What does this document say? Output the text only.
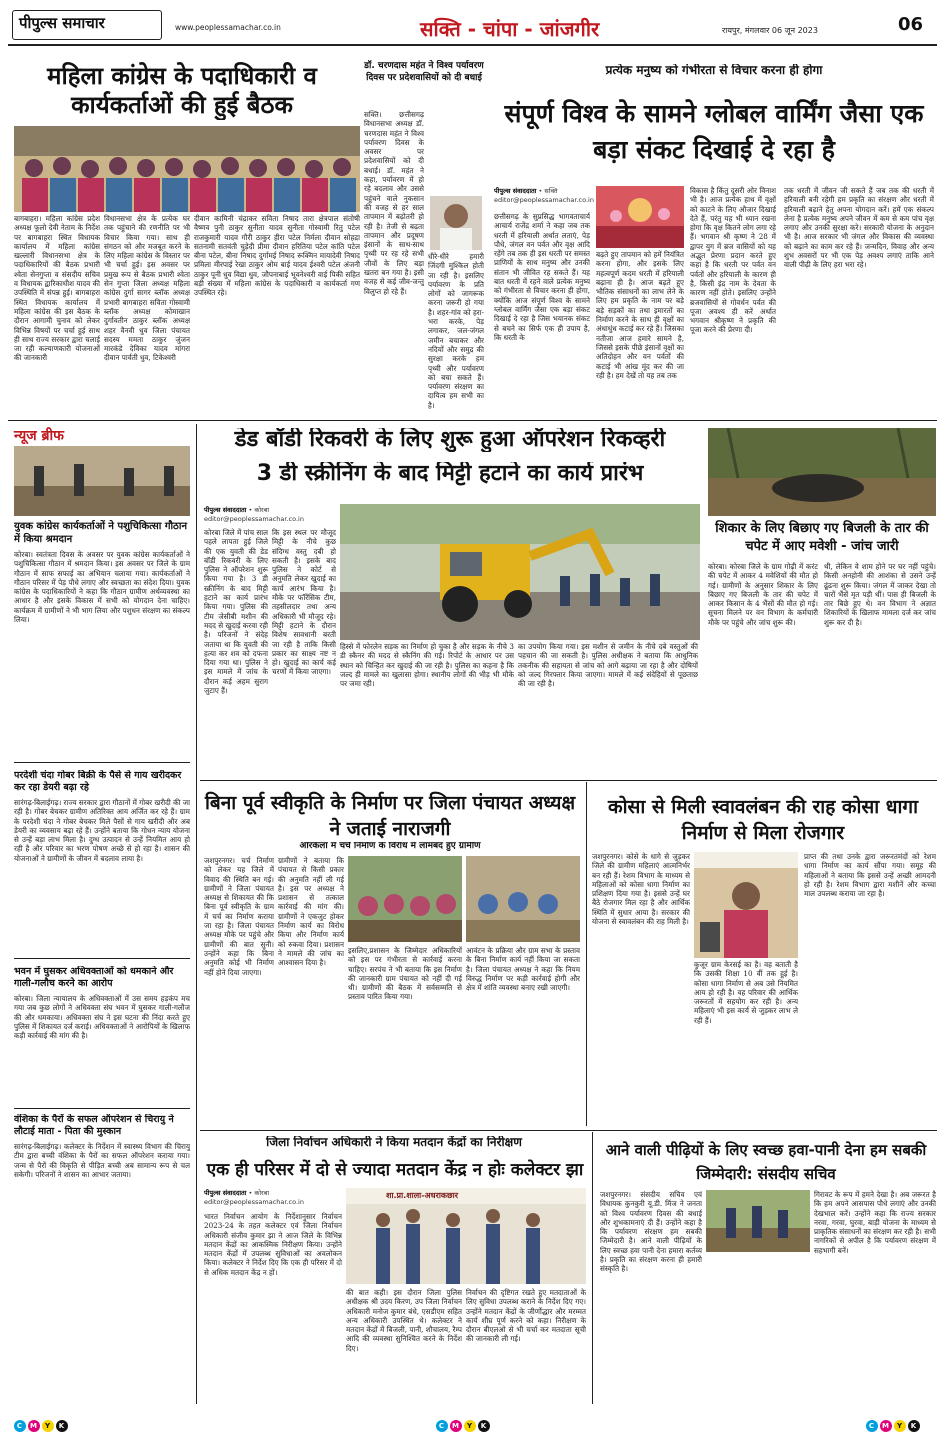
पीपुल्स समाचार	www.peoplessamachar.co.in	सक्ति - चांपा - जांजगीर	रायपुर, मंगलवार 06 जून 2023	06
महिला कांग्रेस के पदाधिकारी व कार्यकर्ताओं की हुई बैठक
बागबाहरा। महिला कांग्रेस प्रदेश अध्यक्ष फूलो देवी नेताम के निर्देश पर बागबाहरा स्थित विधायक कार्यालय में महिला कांग्रेस खल्लारी विधानसभा क्षेत्र के पदाधिकारियों की बैठक प्रभारी श्वेता सेनगुप्ता व संसदीय सचिव व विधायक द्वारिकाधीश यादव की उपस्थिति में संपन्न हुई। बागबाहरा स्थित विधायक कार्यालय में महिला कांग्रेस की इस बैठक के दौरान आगामी चुनाव को लेकर विभिन्न विषयों पर चर्चा हुई साथ ही साथ राज्य सरकार द्वारा चलाई जा रही कल्याणकारी योजनाओं की जानकारी
विधानसभा क्षेत्र के प्रत्येक घर तक पहुंचाने की रणनीति पर भी विचार किया गया। साथ ही संगठन को और मजबूत करने के लिए महिला कांग्रेस के विस्तार पर भी चर्चा हुई। इस अवसर पर प्रमुख रूप से बैठक प्रभारी श्वेता सेन गुप्ता जिला अध्यक्ष महिला कांग्रेस दुर्गा सागर ब्लॉक अध्यक्ष प्रभारी बागबाहरा सविता गोस्वामी ब्लॉक अध्यक्ष कोमाखान दुर्गावतीन ठाकुर ब्लॉक अध्यक्ष शहर वैनवी धुव जिला पंचायत सदस्य ममता ठाकुर जुंजन मारकंडे देविका यादव मांगरा दीवान पार्वती धुव, टिकेश्वरी
दीवान कामिनी चंद्राकर सविता निषाद तारा क्षेत्रपाल संतोषी वैष्णव पुनी ठाकुर सुनीता यादव सुनीता गोस्वामी रितु पटेल राजकुमारी यादव गौरी ठाकुर हीरा पटेल निर्मला दीवान सोहद्रा सतनामी सतवंती चुड़ेदी प्रीमा दीवान हरितिया पटेल कांति पटेल बीना पटेल, बीना निषाद दुर्गामई निषाद रूक्मिन मायादेवी निषाद प्रमिला मीरपाई रेखा ठाकुर ओम बाई यादव ईश्वरी पटेल अंजनी ठाकुर पूनी धुव विद्या धुव, जौपनाबाई भूवनेश्वरी वाई पिकी सहित बड़ी संख्या में महिला कांग्रेस के पदाधिकारी व कार्यकर्ता गण उपस्थित रहे।
डॉ. चरणदास महंत ने विश्व पर्यावरण दिवस पर प्रदेशवासियों को दी बधाई
सक्ति। छत्तीसगढ़ विधानसभा अध्यक्ष डॉ. चरणदास महंत ने विश्व पर्यावरण दिवस के अवसर पर प्रदेशवासियों को दी बधाई। डॉ. महंत ने कहा, पर्यावरण में हो रहे बदलाव और उससे पहुंचने वाले नुकसान की वजह से हर साल तापमान में बढ़ोतरी हो रही है। तेजी से बढ़ता तापमान और प्रदूषण इंसानों के साथ-साथ पृथ्वी पर रह रहे सभी जीवों के लिए बड़ा खतरा बन गया है। इसी वजह से कई जीव-जन्तु विलुप्त हो रहे हैं।
धीरे-धीरे हमारी जिंदगी मुश्किल होती जा रही है। इसलिए पर्यावरण के प्रति लोगों को जागरूक करना जरूरी हो गया है। शहर-गांव को हरा-भरा करके, पेड़ लगाकर, जल-जंगल जमीन बचाकर और नदियों और समुद्र की सुरक्षा करके हम पृथ्वी और पर्यावरण को बचा सकते हैं। पर्यावरण संरक्षण का दायित्व हम सभी का है।
प्रत्येक मनुष्य को गंभीरता से विचार करना ही होगा
संपूर्ण विश्व के सामने ग्लोबल वार्मिंग जैसा एक बड़ा संकट दिखाई दे रहा है
पीपुल्स संवाददाता • सक्ति
editor@peoplessamachar.co.in
छत्तीसगढ़ के सुप्रसिद्ध भागवताचार्य आचार्य राजेंद्र शर्मा ने कहा जब तक धरती में हरियाली अर्थात लताएं, पेड़ पौधे, जंगल वन पर्वत और वृक्ष आदि रहेंगे तब तक ही इस धरती पर समस्त प्राणियों के साथ मनुष्य और उनकी संतान भी जीवित रह सकते हैं। यह बात धरती में रहने वाले प्रत्येक मनुष्य को गंभीरता से विचार करना ही होगा, क्योंकि आज संपूर्ण विश्व के सामने ग्लोबल वार्मिंग जैसा एक बड़ा संकट दिखाई दे रहा है जिस भयानक संकट से बचने का सिर्फ एक ही उपाय है, कि धरती के
बढ़ते हुए तापमान को हमें नियंत्रित करना होगा, और इसके लिए महत्वपूर्ण कदम धरती में हरियाली बढ़ाना ही है। आज बढ़ते हुए भौतिक संसाधनों का लाभ लेने के लिए हम प्रकृति के नाम पर बड़े बड़े सड़कों का तथा इमारतों का निर्माण करने के साथ ही वृक्षों का अंधाधुंध कटाई कर रहे हैं। जिसका नतीजा आज हमारे सामने है, जिससे इसके पीछे इंसानों वृक्षों का अतिदोहन और वन पर्वतों की कटाई भी आंख मूंद कर की जा रही है। हम देखें तो यह तब तक
विकास है किंतु दूसरी ओर विनाश भी है। आज प्रत्येक हाथ में वृक्षों को काटने के लिए औजार दिखाई देते हैं, परंतु यह भी ध्यान रखना होगा कि वृक्ष कितने लोग लगा रहे हैं। भगवान श्री कृष्ण ने 28 में द्वापर युग में ब्रज वासियों को यह अद्भुत प्रेरणा प्रदान करते हुए कहा है कि धरती पर पर्वत वन पर्वतों और हरियाली के कारण ही है, किसी इंद्र नाम के देवता के कारण नहीं होते। इसलिए उन्होंने ब्रजवासियों से गोवर्धन पर्वत की पूजा अवश्य ही करें अर्थात भगवान श्रीकृष्ण ने प्रकृति की पूजा करने की प्रेरणा दी।
तक धरती में जीवन जी सकते हैं जब तक की धरती में हरियाली बनी रहेगी हम प्रकृति का संरक्षण और धरती में हरियाली बढ़ाने हेतु अपना योगदान करें। हमें एक संकल्प लेना है प्रत्येक मनुष्य अपने जीवन में कम से कम पांच वृक्ष लगाए और उनकी सुरक्षा करे। सरकारी योजना के अनुदान भी है। आज सरकार भी जंगल और विकास की व्यवस्था को बढ़ाने का काम कर रहे हैं। जन्मदिन, विवाह और अन्य शुभ अवसरों पर भी एक पेड़ अवश्य लगाएं ताकि आने वाली पीढ़ी के लिए हरा भरा रहे।
न्यूज ब्रीफ
युवक कांग्रेस कार्यकर्ताओं ने पशुचिकित्सा गौठान में किया श्रमदान
कोरबा। स्वतंत्रता दिवस के अवसर पर युवक कांग्रेस कार्यकर्ताओं ने पशुचिकित्सा गौठान में श्रमदान किया। इस अवसर पर जिले के ग्राम गौठान में साफ सफाई का अभियान चलाया गया। कार्यकर्ताओं ने गौठान परिसर में पेड़ पौधे लगाए और स्वच्छता का संदेश दिया। युवक कांग्रेस के पदाधिकारियों ने कहा कि गौठान ग्रामीण अर्थव्यवस्था का आधार है और इसके विकास में सभी को योगदान देना चाहिए। कार्यक्रम में ग्रामीणों ने भी भाग लिया और पशुधन संरक्षण का संकल्प लिया।
परदेशी चंदा गोबर बिक्री के पैसे से गाय खरीदकर कर रहा डेयरी बढ़ा रहे
सारंगढ़-बिलाईगढ़। राज्य सरकार द्वारा गौठानों में गोबर खरीदी की जा रही है। गोबर बेचकर ग्रामीण अतिरिक्त आय अर्जित कर रहे हैं। ग्राम के परदेशी चंदा ने गोबर बेचकर मिले पैसों से गाय खरीदी और अब डेयरी का व्यवसाय बढ़ा रहे हैं। उन्होंने बताया कि गोधन न्याय योजना से उन्हें बड़ा लाभ मिला है। दुग्ध उत्पादन से उन्हें नियमित आय हो रही है और परिवार का भरण पोषण अच्छे से हो रहा है। शासन की योजनाओं ने ग्रामीणों के जीवन में बदलाव लाया है।
भवन में घुसकर अधिवक्ताओं को धमकाने और गाली-गलौच करने का आरोप
कोरबा। जिला न्यायालय के अधिवक्ताओं में उस समय हड़कंप मच गया जब कुछ लोगों ने अधिवक्ता संघ भवन में घुसकर गाली-गलौज की और धमकाया। अधिवक्ता संघ ने इस घटना की निंदा करते हुए पुलिस में शिकायत दर्ज कराई। अधिवक्ताओं ने आरोपियों के खिलाफ कड़ी कार्रवाई की मांग की है।
वंशिका के पैरों के सफल ऑपरेशन से चिरायु ने लौटाई माता - पिता की मुस्कान
सारंगढ़-बिलाईगढ़। कलेक्टर के निर्देशन में स्वास्थ्य विभाग की चिरायु टीम द्वारा बच्ची वंशिका के पैरों का सफल ऑपरेशन कराया गया। जन्म से पैरों की विकृति से पीड़ित बच्ची अब सामान्य रूप से चल सकेगी। परिजनों ने शासन का आभार जताया।
डेड बॉडी रिकवरी के लिए शुरू हुआ ऑपरेशन रिकव्हरी
3 डी स्क्रीनिंग के बाद मिट्टी हटाने का कार्य प्रारंभ
पीपुल्स संवाददाता • कोरबा
editor@peoplessamachar.co.in
कोरबा जिले में पांच साल पहले लापता हुई जिले की एक युवती की डेड बॉडी रिकवरी के लिए पुलिस ने ऑपरेशन शुरू किया गया है। 3 डी स्क्रीनिंग के बाद मिट्टी हटाने का कार्य प्रारंभ किया गया। पुलिस की टीम जेसीबी मशीन की मदद से खुदाई करवा रही है। परिजनों ने संदेह जताया था कि युवती की हत्या कर शव को दफना दिया गया था। पुलिस ने इस मामले में जांच के दौरान कई अहम सुराग जुटाए हैं।
कि इस स्थल पर मौजूद मिट्टी के नीचे कुछ संदिग्ध वस्तु दबी हो सकती है। इसके बाद पुलिस ने कोर्ट से अनुमति लेकर खुदाई का कार्य आरंभ किया है। मौके पर फॉरेंसिक टीम, तहसीलदार तथा अन्य अधिकारी भी मौजूद रहे। मिट्टी हटाने के दौरान विशेष सावधानी बरती जा रही है ताकि किसी प्रकार का साक्ष्य नष्ट न हो। खुदाई का कार्य कई चरणों में किया जाएगा।
हिस्से में फोरलेन सड़क का निर्माण हो चुका है और सड़क के नीचे 3 डी स्कैनर की मदद से स्कैनिंग की गई। रिपोर्ट के आधार पर उस स्थान को चिन्हित कर खुदाई की जा रही है। पुलिस का कहना है कि जल्द ही मामले का खुलासा होगा। स्थानीय लोगों की भीड़ भी मौके पर जमा रही।
का उपयोग किया गया। इस मशीन से जमीन के नीचे दबे वस्तुओं की पहचान की जा सकती है। पुलिस अधीक्षक ने बताया कि आधुनिक तकनीक की सहायता से जांच को आगे बढ़ाया जा रहा है और दोषियों को जल्द गिरफ्तार किया जाएगा। मामले में कई संदेहियों से पूछताछ की जा रही है।
शिकार के लिए बिछाए गए बिजली के तार की चपेट में आए मवेशी - जांच जारी
कोरबा। कोरबा जिले के ग्राम गोढ़ी में करंट की चपेट में आकर 4 मवेशियों की मौत हो गई। ग्रामीणों के अनुसार शिकार के लिए बिछाए गए बिजली के तार की चपेट में आकर किसान के 4 भैंसों की मौत हो गई। सूचना मिलने पर वन विभाग के कर्मचारी मौके पर पहुंचे और जांच शुरू की।
थी, लेकिन वे शाम होने पर घर नहीं पहुंचे। किसी अनहोनी की आशंका से उसने उन्हें ढूंढना शुरू किया। जंगल में जाकर देखा तो चारों भैंसें मृत पड़ी थीं। पास ही बिजली के तार बिछे हुए थे। वन विभाग ने अज्ञात शिकारियों के खिलाफ मामला दर्ज कर जांच शुरू कर दी है।
बिना पूर्व स्वीकृति के निर्माण पर जिला पंचायत अध्यक्ष ने जताई नाराजगी
ओरकेला में चर्च निर्माण के विरोध में लामबंद हुए ग्रामीण
जशपुरनगर। चर्च निर्माण को लेकर यह जिले में विवाद की स्थिति बन गई। ग्रामीणों ने जिला पंचायत अध्यक्ष से शिकायत की कि बिना पूर्व स्वीकृति के ग्राम में चर्च का निर्माण कराया जा रहा है। जिला पंचायत अध्यक्ष मौके पर पहुंचे और ग्रामीणों की बात सुनी। उन्होंने कहा कि बिना अनुमति कोई भी निर्माण नहीं होने दिया जाएगा।
ग्रामीणों ने बताया कि पंचायत से किसी प्रकार की अनुमति नहीं ली गई है। इस पर अध्यक्ष ने प्रशासन से तत्काल कार्रवाई की मांग की। ग्रामीणों ने एकजुट होकर निर्माण कार्य का विरोध किया और निर्माण कार्य को रुकवा दिया। प्रशासन ने मामले की जांच का आश्वासन दिया है।
इसलिए,प्रशासन के जिम्मेदार अधिकारियों को इस पर गंभीरता से कार्रवाई करना चाहिए। सरपंच ने भी बताया कि इस निर्माण की जानकारी ग्राम पंचायत को नहीं दी गई थी। ग्रामीणों की बैठक में सर्वसम्मति से प्रस्ताव पारित किया गया।
आवंटन के प्रक्रिया और ग्राम सभा के प्रस्ताव के बिना निर्माण कार्य नहीं किया जा सकता है। जिला पंचायत अध्यक्ष ने कहा कि नियम विरुद्ध निर्माण पर कड़ी कार्रवाई होगी और क्षेत्र में शांति व्यवस्था बनाए रखी जाएगी।
कोसा से मिली स्वावलंबन की राह कोसा धागा निर्माण से मिला रोजगार
जशपुरनगर। कोसे के धागे से जुड़कर जिले की ग्रामीण महिलाएं आत्मनिर्भर बन रही हैं। रेशम विभाग के माध्यम से महिलाओं को कोसा धागा निर्माण का प्रशिक्षण दिया गया है। इससे उन्हें घर बैठे रोजगार मिल रहा है और आर्थिक स्थिति में सुधार आया है। सरकार की योजना से स्वावलंबन की राह मिली है।
कुजूर ग्राम केरसई का है। वह बताती है कि उसकी शिक्षा 10 वीं तक हुई है। कोसा धागा निर्माण से अब उसे नियमित आय हो रही है। वह परिवार की आर्थिक जरूरतों में सहयोग कर रही है। अन्य महिलाएं भी इस कार्य से जुड़कर लाभ ले रही हैं।
प्राप्त की तथा उनके द्वारा जरूरतमंदों को रेशम धागा निर्माण का कार्य सौंपा गया। समूह की महिलाओं ने बताया कि इससे उन्हें अच्छी आमदनी हो रही है। रेशम विभाग द्वारा मशीनें और कच्चा माल उपलब्ध कराया जा रहा है।
जिला निर्वाचन अधिकारी ने किया मतदान केंद्रों का निरीक्षण
एक ही परिसर में दो से ज्यादा मतदान केंद्र न होः कलेक्टर झा
पीपुल्स संवाददाता • कोरबा
editor@peoplessamachar.co.in
शा.प्रा.शाला-अधराकछार
भारत निर्वाचन आयोग के निर्देशानुसार निर्वाचन 2023-24 के तहत कलेक्टर एवं जिला निर्वाचन अधिकारी संजीव कुमार झा ने आज जिले के विभिन्न मतदान केंद्रों का आकस्मिक निरीक्षण किया। उन्होंने मतदान केंद्रों में उपलब्ध सुविधाओं का अवलोकन किया। कलेक्टर ने निर्देश दिए कि एक ही परिसर में दो से अधिक मतदान केंद्र न हों।
की बात कही। इस दौरान जिला पुलिस अधीक्षक श्री उदय किरण, उप जिला निर्वाचन अधिकारी मनोज कुमार बंधे, एसडीएम सहित अन्य अधिकारी उपस्थित थे। कलेक्टर ने मतदान केंद्रों में बिजली, पानी, शौचालय, रैम्प आदि की व्यवस्था सुनिश्चित करने के निर्देश दिए।
निर्वाचन की दृष्टिगत रखते हुए मतदाताओं के लिए सुविधा उपलब्ध कराने के निर्देश दिए गए। उन्होंने मतदान केंद्रों के जीर्णोद्धार और मरम्मत कार्य शीघ्र पूर्ण करने को कहा। निरीक्षण के दौरान बीएलओ से भी चर्चा कर मतदाता सूची की जानकारी ली गई।
आने वाली पीढ़ियों के लिए स्वच्छ हवा-पानी देना हम सबकी जिम्मेदारी: संसदीय सचिव
जशपुरनगर। संसदीय सचिव एवं विधायक कुनकुरी यू.डी. मिंज ने जनता को विश्व पर्यावरण दिवस की बधाई और शुभकामनाएं दी हैं। उन्होंने कहा है कि पर्यावरण संरक्षण हम सबकी जिम्मेदारी है। आने वाली पीढ़ियों के लिए स्वच्छ हवा पानी देना हमारा कर्तव्य है। प्रकृति का संरक्षण करना ही हमारी संस्कृति है।
गिरावट के रूप में हमने देखा है। अब जरूरत है कि हम अपने आसपास पौधे लगाएं और उनकी देखभाल करें। उन्होंने कहा कि राज्य सरकार नरवा, गरवा, घुरवा, बाड़ी योजना के माध्यम से प्राकृतिक संसाधनों का संरक्षण कर रही है। सभी नागरिकों से अपील है कि पर्यावरण संरक्षण में सहभागी बनें।
C M Y K	C M Y K	C M Y K
